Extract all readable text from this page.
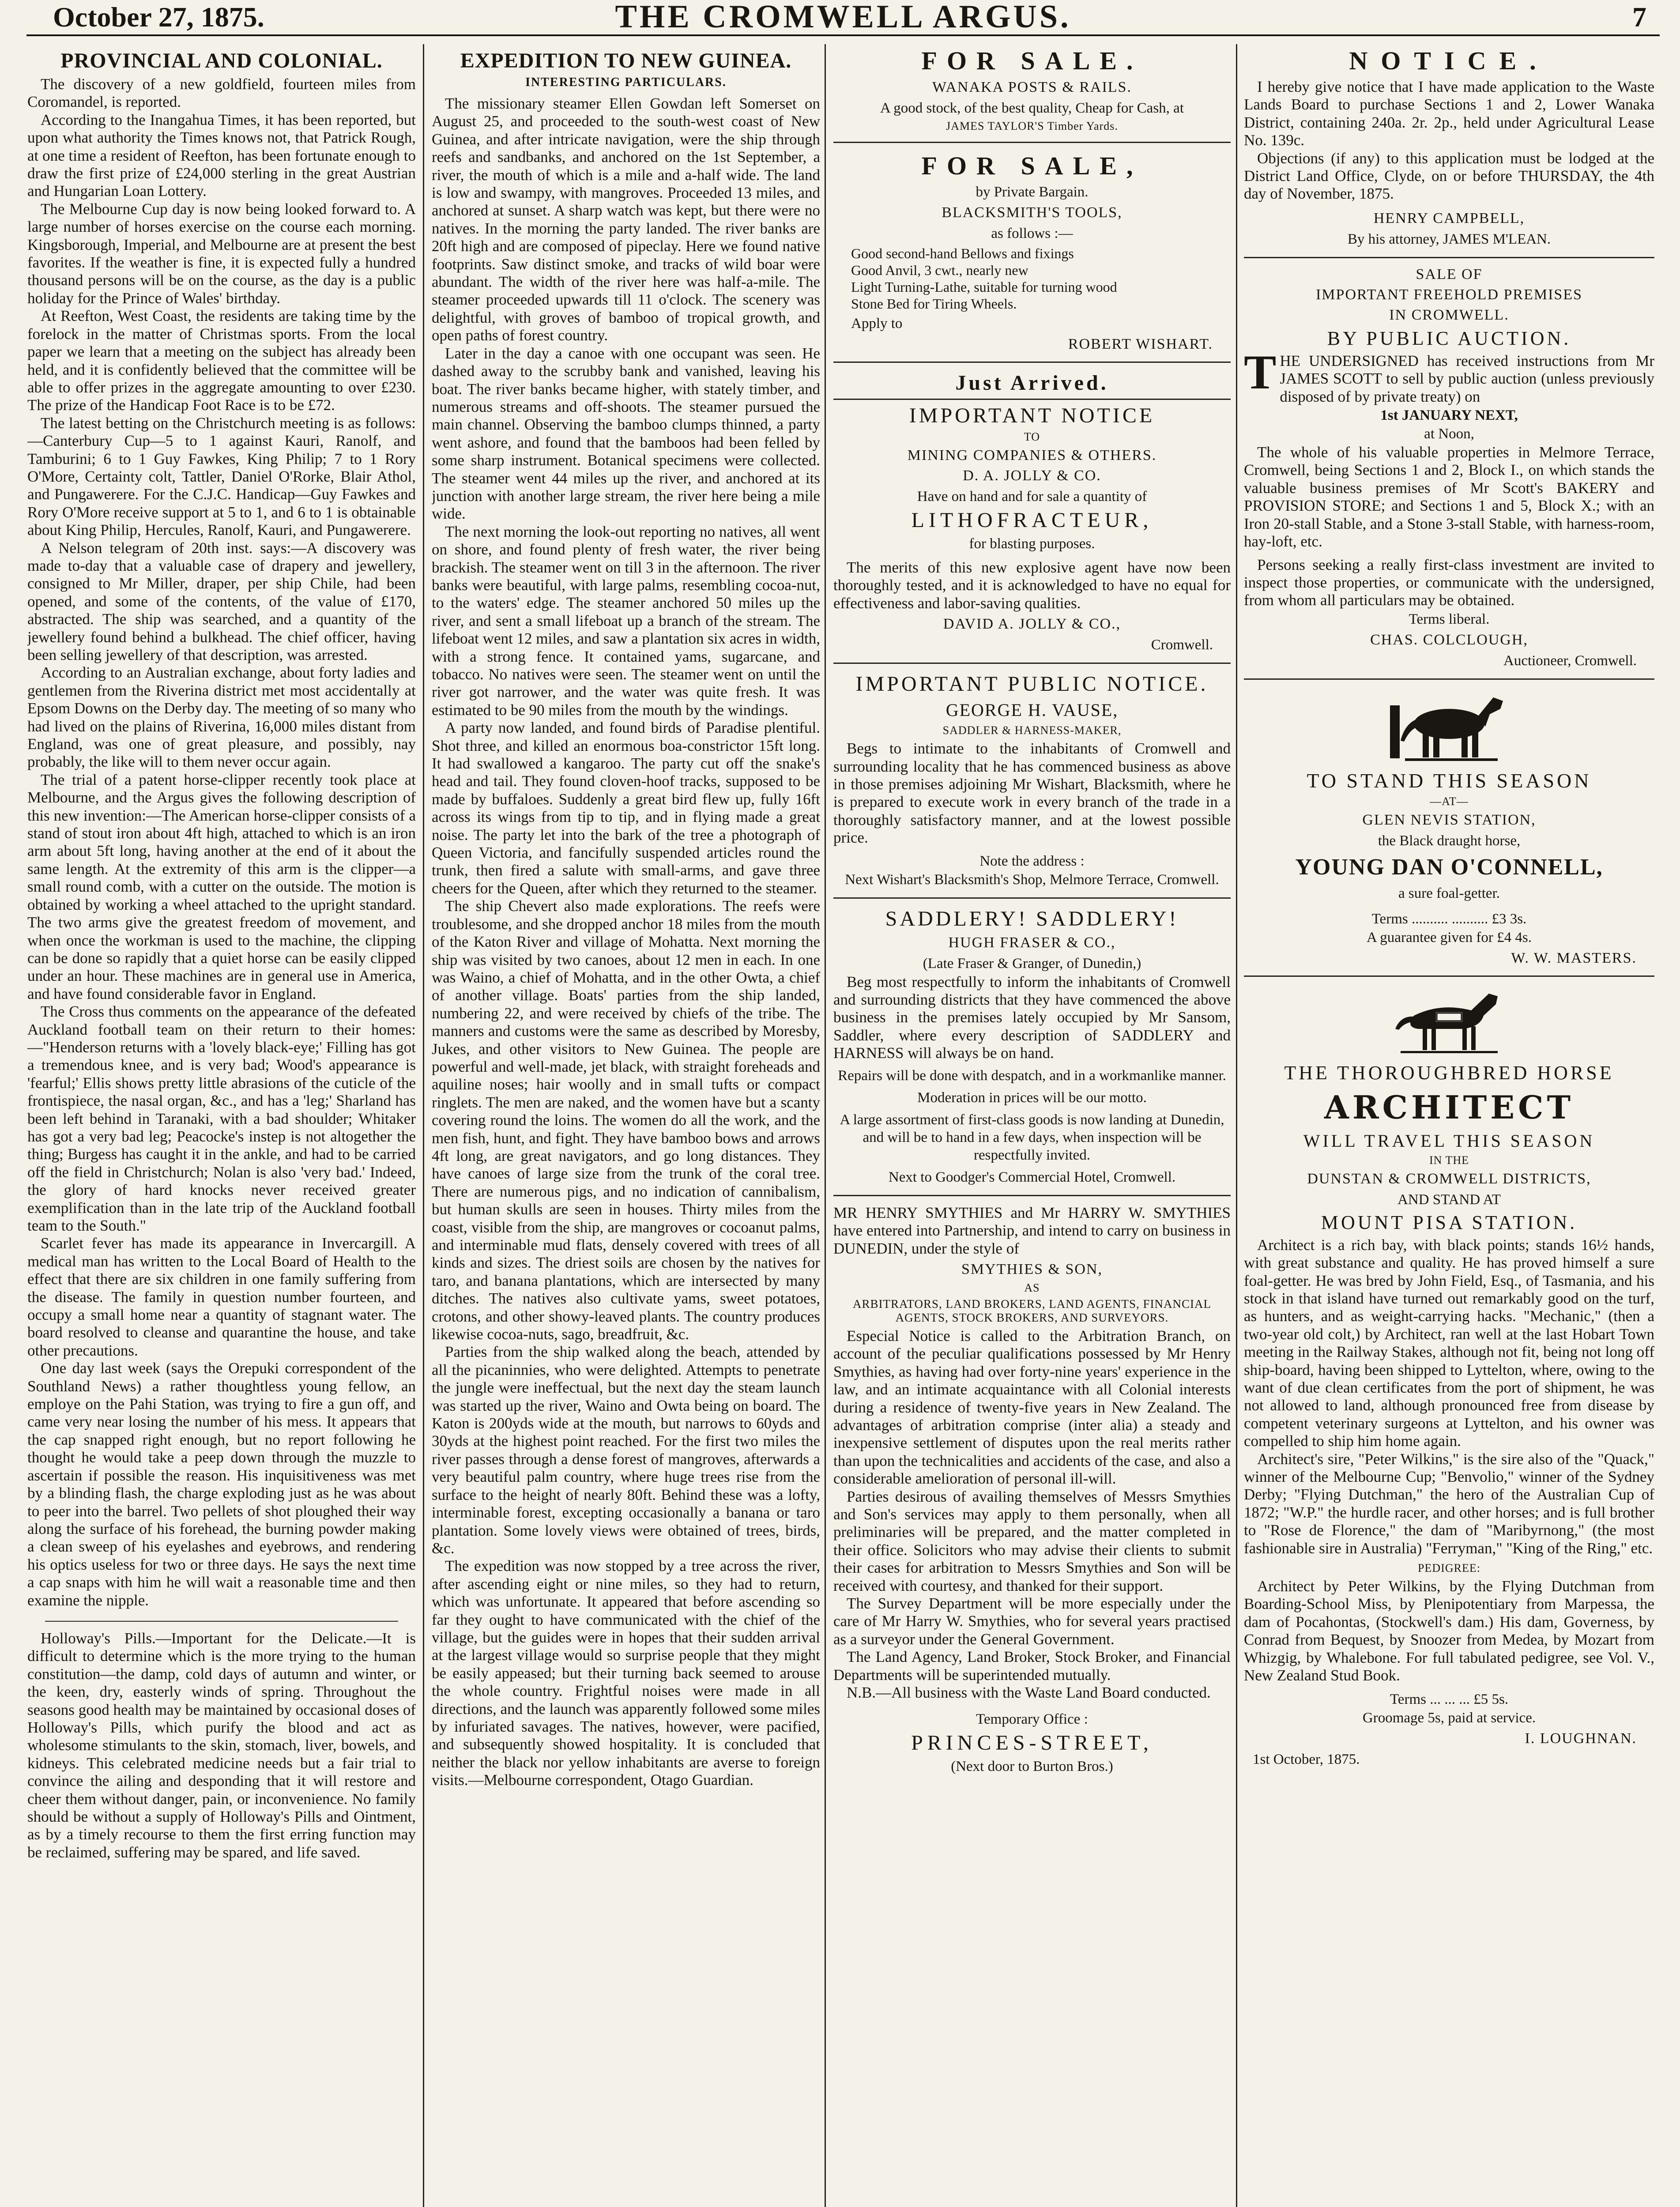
October 27, 1875.	THE CROMWELL ARGUS.	7
PROVINCIAL AND COLONIAL.

The discovery of a new goldfield, fourteen miles from Coromandel, is reported.

According to the Inangahua Times, it has been reported, but upon what authority the Times knows not, that Patrick Rough, at one time a resident of Reefton, has been fortunate enough to draw the first prize of £24,000 sterling in the great Austrian and Hungarian Loan Lottery.

The Melbourne Cup day is now being looked forward to. A large number of horses exercise on the course each morning. Kingsborough, Imperial, and Melbourne are at present the best favorites. If the weather is fine, it is expected fully a hundred thousand persons will be on the course, as the day is a public holiday for the Prince of Wales' birthday.

At Reefton, West Coast, the residents are taking time by the forelock in the matter of Christmas sports. From the local paper we learn that a meeting on the subject has already been held, and it is confidently believed that the committee will be able to offer prizes in the aggregate amounting to over £230. The prize of the Handicap Foot Race is to be £72.

The latest betting on the Christchurch meeting is as follows:—Canterbury Cup—5 to 1 against Kauri, Ranolf, and Tamburini; 6 to 1 Guy Fawkes, King Philip; 7 to 1 Rory O'More, Certainty colt, Tattler, Daniel O'Rorke, Blair Athol, and Pungawerere. For the C.J.C. Handicap—Guy Fawkes and Rory O'More receive support at 5 to 1, and 6 to 1 is obtainable about King Philip, Hercules, Ranolf, Kauri, and Pungawerere.

A Nelson telegram of 20th inst. says:—A discovery was made to-day that a valuable case of drapery and jewellery, consigned to Mr Miller, draper, per ship Chile, had been opened, and some of the contents, of the value of £170, abstracted. The ship was searched, and a quantity of the jewellery found behind a bulkhead. The chief officer, having been selling jewellery of that description, was arrested.

According to an Australian exchange, about forty ladies and gentlemen from the Riverina district met most accidentally at Epsom Downs on the Derby day. The meeting of so many who had lived on the plains of Riverina, 16,000 miles distant from England, was one of great pleasure, and possibly, nay probably, the like will to them never occur again.

The trial of a patent horse-clipper recently took place at Melbourne, and the Argus gives the following description of this new invention:—The American horse-clipper consists of a stand of stout iron about 4ft high, attached to which is an iron arm about 5ft long, having another at the end of it about the same length. At the extremity of this arm is the clipper—a small round comb, with a cutter on the outside. The motion is obtained by working a wheel attached to the upright standard. The two arms give the greatest freedom of movement, and when once the workman is used to the machine, the clipping can be done so rapidly that a quiet horse can be easily clipped under an hour. These machines are in general use in America, and have found considerable favor in England.

The Cross thus comments on the appearance of the defeated Auckland football team on their return to their homes:—"Henderson returns with a 'lovely black-eye;' Filling has got a tremendous knee, and is very bad; Wood's appearance is 'fearful;' Ellis shows pretty little abrasions of the cuticle of the frontispiece, the nasal organ, &c., and has a 'leg;' Sharland has been left behind in Taranaki, with a bad shoulder; Whitaker has got a very bad leg; Peacocke's instep is not altogether the thing; Burgess has caught it in the ankle, and had to be carried off the field in Christchurch; Nolan is also 'very bad.' Indeed, the glory of hard knocks never received greater exemplification than in the late trip of the Auckland football team to the South."

Scarlet fever has made its appearance in Invercargill. A medical man has written to the Local Board of Health to the effect that there are six children in one family suffering from the disease. The family in question number fourteen, and occupy a small home near a quantity of stagnant water. The board resolved to cleanse and quarantine the house, and take other precautions.

One day last week (says the Orepuki correspondent of the Southland News) a rather thoughtless young fellow, an employe on the Pahi Station, was trying to fire a gun off, and came very near losing the number of his mess. It appears that the cap snapped right enough, but no report following he thought he would take a peep down through the muzzle to ascertain if possible the reason. His inquisitiveness was met by a blinding flash, the charge exploding just as he was about to peer into the barrel. Two pellets of shot ploughed their way along the surface of his forehead, the burning powder making a clean sweep of his eyelashes and eyebrows, and rendering his optics useless for two or three days. He says the next time a cap snaps with him he will wait a reasonable time and then examine the nipple.

Holloway's Pills.—Important for the Delicate.—It is difficult to determine which is the more trying to the human constitution—the damp, cold days of autumn and winter, or the keen, dry, easterly winds of spring. Throughout the seasons good health may be maintained by occasional doses of Holloway's Pills, which purify the blood and act as wholesome stimulants to the skin, stomach, liver, bowels, and kidneys. This celebrated medicine needs but a fair trial to convince the ailing and desponding that it will restore and cheer them without danger, pain, or inconvenience. No family should be without a supply of Holloway's Pills and Ointment, as by a timely recourse to them the first erring function may be reclaimed, suffering may be spared, and life saved.

EXPEDITION TO NEW GUINEA.
INTERESTING PARTICULARS.

The missionary steamer Ellen Gowdan left Somerset on August 25, and proceeded to the south-west coast of New Guinea, and after intricate navigation, were the ship through reefs and sandbanks, and anchored on the 1st September, a river, the mouth of which is a mile and a-half wide. The land is low and swampy, with mangroves. Proceeded 13 miles, and anchored at sunset. A sharp watch was kept, but there were no natives. In the morning the party landed. The river banks are 20ft high and are composed of pipeclay. Here we found native footprints. Saw distinct smoke, and tracks of wild boar were abundant. The width of the river here was half-a-mile. The steamer proceeded upwards till 11 o'clock. The scenery was delightful, with groves of bamboo of tropical growth, and open paths of forest country.

Later in the day a canoe with one occupant was seen. He dashed away to the scrubby bank and vanished, leaving his boat. The river banks became higher, with stately timber, and numerous streams and off-shoots. The steamer pursued the main channel. Observing the bamboo clumps thinned, a party went ashore, and found that the bamboos had been felled by some sharp instrument. Botanical specimens were collected. The steamer went 44 miles up the river, and anchored at its junction with another large stream, the river here being a mile wide.

The next morning the look-out reporting no natives, all went on shore, and found plenty of fresh water, the river being brackish. The steamer went on till 3 in the afternoon. The river banks were beautiful, with large palms, resembling cocoa-nut, to the waters' edge. The steamer anchored 50 miles up the river, and sent a small lifeboat up a branch of the stream. The lifeboat went 12 miles, and saw a plantation six acres in width, with a strong fence. It contained yams, sugarcane, and tobacco. No natives were seen. The steamer went on until the river got narrower, and the water was quite fresh. It was estimated to be 90 miles from the mouth by the windings.

A party now landed, and found birds of Paradise plentiful. Shot three, and killed an enormous boa-constrictor 15ft long. It had swallowed a kangaroo. The party cut off the snake's head and tail. They found cloven-hoof tracks, supposed to be made by buffaloes. Suddenly a great bird flew up, fully 16ft across its wings from tip to tip, and in flying made a great noise. The party let into the bark of the tree a photograph of Queen Victoria, and fancifully suspended articles round the trunk, then fired a salute with small-arms, and gave three cheers for the Queen, after which they returned to the steamer.

The ship Chevert also made explorations. The reefs were troublesome, and she dropped anchor 18 miles from the mouth of the Katon River and village of Mohatta. Next morning the ship was visited by two canoes, about 12 men in each. In one was Waino, a chief of Mohatta, and in the other Owta, a chief of another village. Boats' parties from the ship landed, numbering 22, and were received by chiefs of the tribe. The manners and customs were the same as described by Moresby, Jukes, and other visitors to New Guinea. The people are powerful and well-made, jet black, with straight foreheads and aquiline noses; hair woolly and in small tufts or compact ringlets. The men are naked, and the women have but a scanty covering round the loins. The women do all the work, and the men fish, hunt, and fight. They have bamboo bows and arrows 4ft long, are great navigators, and go long distances. They have canoes of large size from the trunk of the coral tree. There are numerous pigs, and no indication of cannibalism, but human skulls are seen in houses. Thirty miles from the coast, visible from the ship, are mangroves or cocoanut palms, and interminable mud flats, densely covered with trees of all kinds and sizes. The driest soils are chosen by the natives for taro, and banana plantations, which are intersected by many ditches. The natives also cultivate yams, sweet potatoes, crotons, and other showy-leaved plants. The country produces likewise cocoa-nuts, sago, breadfruit, &c.

Parties from the ship walked along the beach, attended by all the picaninnies, who were delighted. Attempts to penetrate the jungle were ineffectual, but the next day the steam launch was started up the river, Waino and Owta being on board. The Katon is 200yds wide at the mouth, but narrows to 60yds and 30yds at the highest point reached. For the first two miles the river passes through a dense forest of mangroves, afterwards a very beautiful palm country, where huge trees rise from the surface to the height of nearly 80ft. Behind these was a lofty, interminable forest, excepting occasionally a banana or taro plantation. Some lovely views were obtained of trees, birds, &c.

The expedition was now stopped by a tree across the river, after ascending eight or nine miles, so they had to return, which was unfortunate. It appeared that before ascending so far they ought to have communicated with the chief of the village, but the guides were in hopes that their sudden arrival at the largest village would so surprise people that they might be easily appeased; but their turning back seemed to arouse the whole country. Frightful noises were made in all directions, and the launch was apparently followed some miles by infuriated savages. The natives, however, were pacified, and subsequently showed hospitality. It is concluded that neither the black nor yellow inhabitants are averse to foreign visits.—Melbourne correspondent, Otago Guardian.

FOR SALE.
WANAKA POSTS & RAILS.
A good stock, of the best quality, Cheap for Cash, at
JAMES TAYLOR'S Timber Yards.
FOR SALE,
by Private Bargain.
BLACKSMITH'S TOOLS,
as follows :—
Good second-hand Bellows and fixings
Good Anvil, 3 cwt., nearly new
Light Turning-Lathe, suitable for turning wood
Stone Bed for Tiring Wheels.
Apply to
ROBERT WISHART.
Just Arrived.
IMPORTANT NOTICE
TO
MINING COMPANIES & OTHERS.
D. A. JOLLY & CO.
Have on hand and for sale a quantity of
LITHOFRACTEUR,
for blasting purposes.

The merits of this new explosive agent have now been thoroughly tested, and it is acknowledged to have no equal for effectiveness and labor-saving qualities.

DAVID A. JOLLY & CO.,
Cromwell.
IMPORTANT PUBLIC NOTICE.
GEORGE H. VAUSE,
SADDLER & HARNESS-MAKER,

Begs to intimate to the inhabitants of Cromwell and surrounding locality that he has commenced business as above in those premises adjoining Mr Wishart, Blacksmith, where he is prepared to execute work in every branch of the trade in a thoroughly satisfactory manner, and at the lowest possible price.

Note the address :
Next Wishart's Blacksmith's Shop, Melmore Terrace, Cromwell.
SADDLERY! SADDLERY!
HUGH FRASER & CO.,
(Late Fraser & Granger, of Dunedin,)

Beg most respectfully to inform the inhabitants of Cromwell and surrounding districts that they have commenced the above business in the premises lately occupied by Mr Sansom, Saddler, where every description of SADDLERY and HARNESS will always be on hand.

Repairs will be done with despatch, and in a workmanlike manner.
Moderation in prices will be our motto.
A large assortment of first-class goods is now landing at Dunedin, and will be to hand in a few days, when inspection will be respectfully invited.
Next to Goodger's Commercial Hotel, Cromwell.

MR HENRY SMYTHIES and Mr HARRY W. SMYTHIES have entered into Partnership, and intend to carry on business in DUNEDIN, under the style of

SMYTHIES & SON,
AS
ARBITRATORS, LAND BROKERS, LAND AGENTS, FINANCIAL AGENTS, STOCK BROKERS, AND SURVEYORS.

Especial Notice is called to the Arbitration Branch, on account of the peculiar qualifications possessed by Mr Henry Smythies, as having had over forty-nine years' experience in the law, and an intimate acquaintance with all Colonial interests during a residence of twenty-five years in New Zealand. The advantages of arbitration comprise (inter alia) a steady and inexpensive settlement of disputes upon the real merits rather than upon the technicalities and accidents of the case, and also a considerable amelioration of personal ill-will.

Parties desirous of availing themselves of Messrs Smythies and Son's services may apply to them personally, when all preliminaries will be prepared, and the matter completed in their office. Solicitors who may advise their clients to submit their cases for arbitration to Messrs Smythies and Son will be received with courtesy, and thanked for their support.

The Survey Department will be more especially under the care of Mr Harry W. Smythies, who for several years practised as a surveyor under the General Government.

The Land Agency, Land Broker, Stock Broker, and Financial Departments will be superintended mutually.

N.B.—All business with the Waste Land Board conducted.

Temporary Office :
PRINCES-STREET,
(Next door to Burton Bros.)
NOTICE.

I hereby give notice that I have made application to the Waste Lands Board to purchase Sections 1 and 2, Lower Wanaka District, containing 240a. 2r. 2p., held under Agricultural Lease No. 139c.

Objections (if any) to this application must be lodged at the District Land Office, Clyde, on or before THURSDAY, the 4th day of November, 1875.

HENRY CAMPBELL,
By his attorney, JAMES M'LEAN.
SALE OF
IMPORTANT FREEHOLD PREMISES
IN CROMWELL.
BY PUBLIC AUCTION.

THE UNDERSIGNED has received instructions from Mr JAMES SCOTT to sell by public auction (unless previously disposed of by private treaty) on

1st JANUARY NEXT,
at Noon,

The whole of his valuable properties in Melmore Terrace, Cromwell, being Sections 1 and 2, Block I., on which stands the valuable business premises of Mr Scott's BAKERY and PROVISION STORE; and Sections 1 and 5, Block X.; with an Iron 20-stall Stable, and a Stone 3-stall Stable, with harness-room, hay-loft, etc.

Persons seeking a really first-class investment are invited to inspect those properties, or communicate with the undersigned, from whom all particulars may be obtained.

Terms liberal.
CHAS. COLCLOUGH,
Auctioneer, Cromwell.
TO STAND THIS SEASON
—AT—
GLEN NEVIS STATION,
the Black draught horse,
YOUNG DAN O'CONNELL,
a sure foal-getter.
Terms .......... .......... £3 3s.
A guarantee given for £4 4s.
W. W. MASTERS.
THE THOROUGHBRED HORSE
ARCHITECT
WILL TRAVEL THIS SEASON
IN THE
DUNSTAN & CROMWELL DISTRICTS,
AND STAND AT
MOUNT PISA STATION.

Architect is a rich bay, with black points; stands 16½ hands, with great substance and quality. He has proved himself a sure foal-getter. He was bred by John Field, Esq., of Tasmania, and his stock in that island have turned out remarkably good on the turf, as hunters, and as weight-carrying hacks. "Mechanic," (then a two-year old colt,) by Architect, ran well at the last Hobart Town meeting in the Railway Stakes, although not fit, being not long off ship-board, having been shipped to Lyttelton, where, owing to the want of due clean certificates from the port of shipment, he was not allowed to land, although pronounced free from disease by competent veterinary surgeons at Lyttelton, and his owner was compelled to ship him home again.

Architect's sire, "Peter Wilkins," is the sire also of the "Quack," winner of the Melbourne Cup; "Benvolio," winner of the Sydney Derby; "Flying Dutchman," the hero of the Australian Cup of 1872; "W.P." the hurdle racer, and other horses; and is full brother to "Rose de Florence," the dam of "Maribyrnong," (the most fashionable sire in Australia) "Ferryman," "King of the Ring," etc.

PEDIGREE:

Architect by Peter Wilkins, by the Flying Dutchman from Boarding-School Miss, by Plenipotentiary from Marpessa, the dam of Pocahontas, (Stockwell's dam.) His dam, Governess, by Conrad from Bequest, by Snoozer from Medea, by Mozart from Whizgig, by Whalebone. For full tabulated pedigree, see Vol. V., New Zealand Stud Book.

Terms ... ... ... £5 5s.
Groomage 5s, paid at service.
I. LOUGHNAN.
1st October, 1875.
